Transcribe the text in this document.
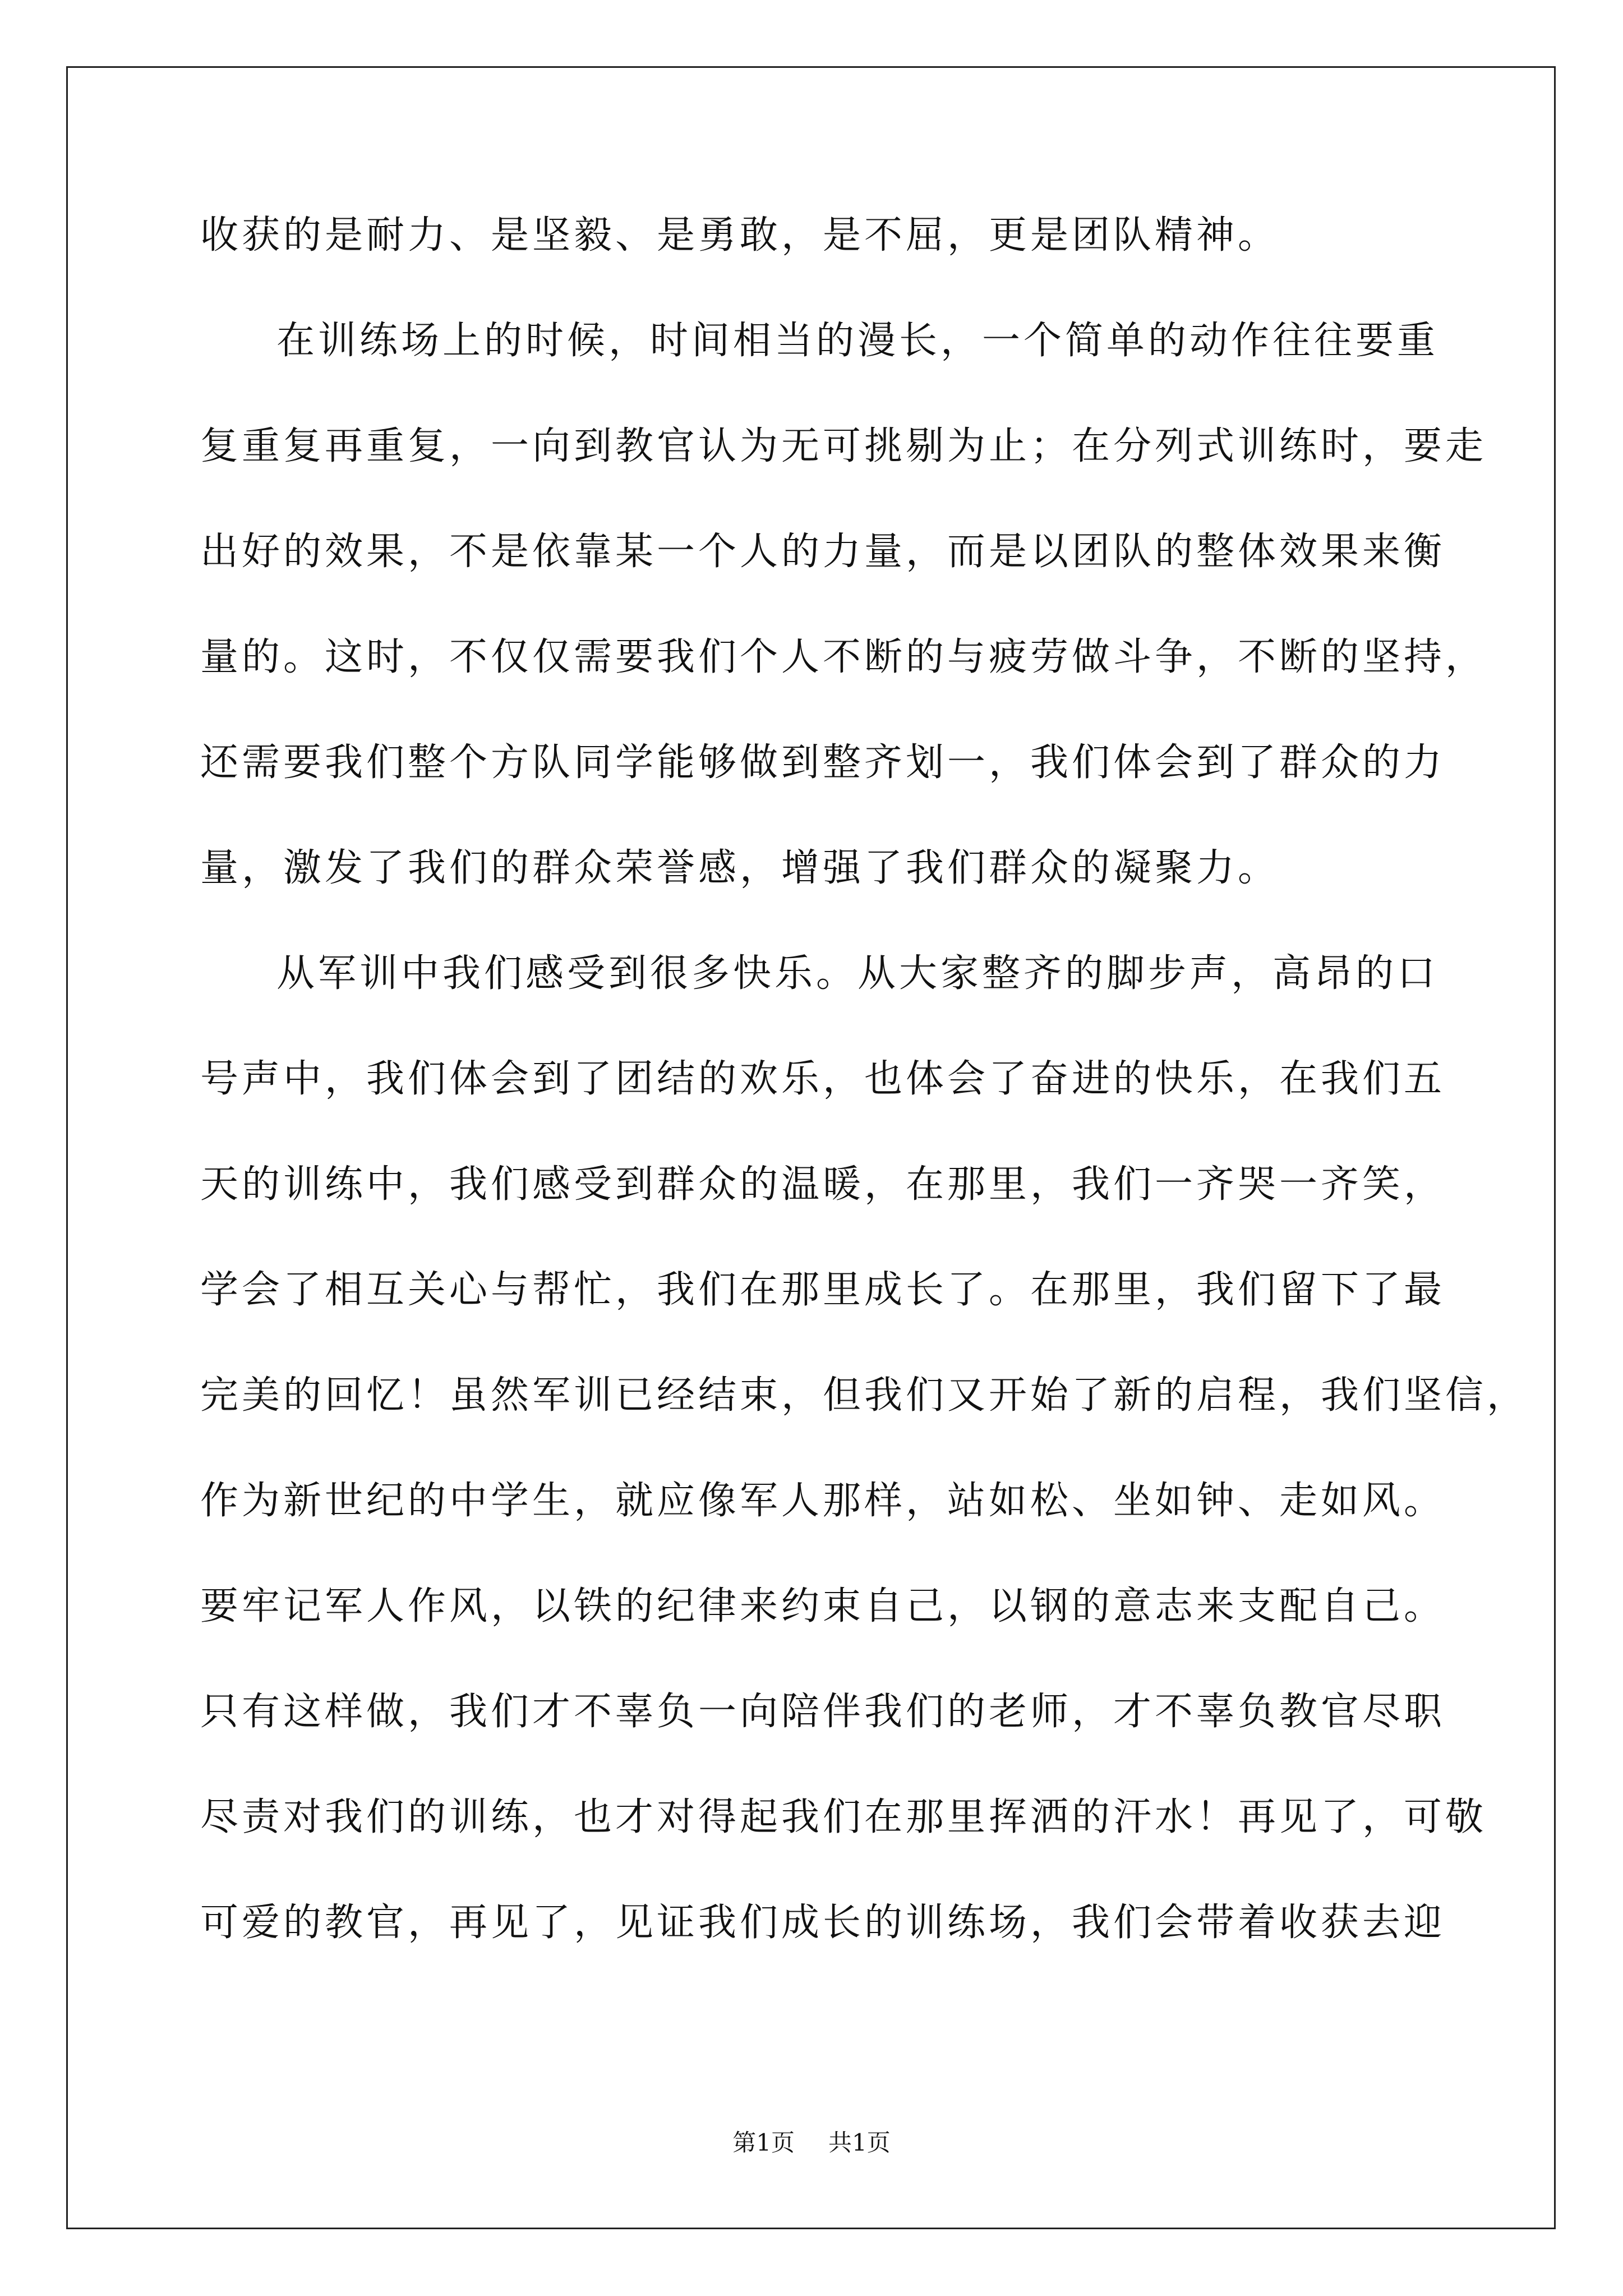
收获的是耐力、是坚毅、是勇敢，是不屈，更是团队精神。
在训练场上的时候，时间相当的漫长，一个简单的动作往往要重
复重复再重复，一向到教官认为无可挑剔为止；在分列式训练时，要走
出好的效果，不是依靠某一个人的力量，而是以团队的整体效果来衡
量的。这时，不仅仅需要我们个人不断的与疲劳做斗争，不断的坚持，
还需要我们整个方队同学能够做到整齐划一，我们体会到了群众的力
量，激发了我们的群众荣誉感，增强了我们群众的凝聚力。
从军训中我们感受到很多快乐。从大家整齐的脚步声，高昂的口
号声中，我们体会到了团结的欢乐，也体会了奋进的快乐，在我们五
天的训练中，我们感受到群众的温暖，在那里，我们一齐哭一齐笑，
学会了相互关心与帮忙，我们在那里成长了。在那里，我们留下了最
完美的回忆！虽然军训已经结束，但我们又开始了新的启程，我们坚信，
作为新世纪的中学生，就应像军人那样，站如松、坐如钟、走如风。
要牢记军人作风，以铁的纪律来约束自己，以钢的意志来支配自己。
只有这样做，我们才不辜负一向陪伴我们的老师，才不辜负教官尽职
尽责对我们的训练，也才对得起我们在那里挥洒的汗水！再见了，可敬
可爱的教官，再见了，见证我们成长的训练场，我们会带着收获去迎
第1页 共1页
